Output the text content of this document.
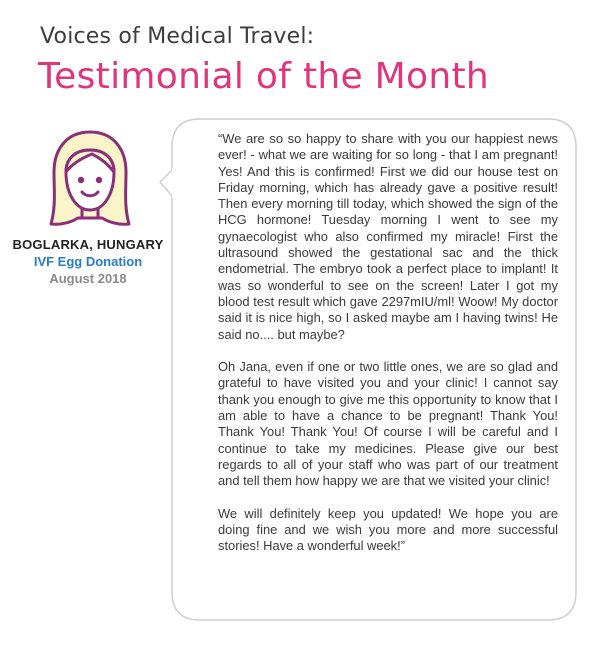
Voices of Medical Travel:
Testimonial of the Month
BOGLARKA, HUNGARY
IVF Egg Donation
August 2018

“We are so so happy to share with you our happiest news ever! - what we are waiting for so long - that I am pregnant! Yes! And this is confirmed! First we did our house test on Friday morning, which has already gave a positive result! Then every morning till today, which showed the sign of the HCG hormone! Tuesday morning I went to see my gynaecologist who also confirmed my miracle! First the ultrasound showed the gestational sac and the thick endometrial. The embryo took a perfect place to implant! It was so wonderful to see on the screen! Later I got my blood test result which gave 2297mIU/ml! Woow! My doctor said it is nice high, so I asked maybe am I having twins! He said no.... but maybe?

Oh Jana, even if one or two little ones, we are so glad and grateful to have visited you and your clinic! I cannot say thank you enough to give me this opportunity to know that I am able to have a chance to be pregnant! Thank You! Thank You! Thank You! Of course I will be careful and I continue to take my medicines. Please give our best regards to all of your staff who was part of our treatment and tell them how happy we are that we visited your clinic!

We will definitely keep you updated! We hope you are doing fine and we wish you more and more successful stories! Have a wonderful week!”
